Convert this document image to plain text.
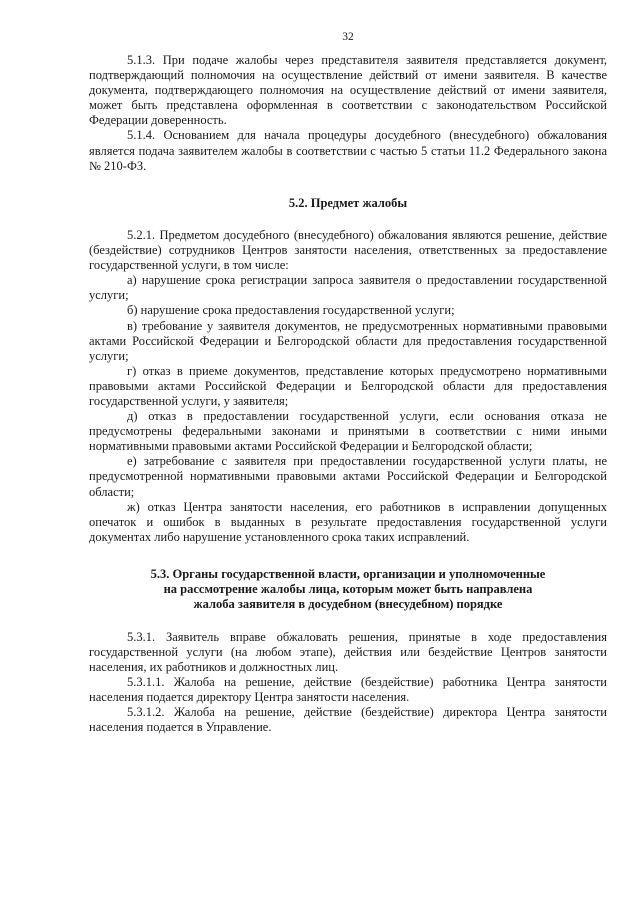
32

5.1.3. При подаче жалобы через представителя заявителя представляется документ, подтверждающий полномочия на осуществление действий от имени заявителя. В качестве документа, подтверждающего полномочия на осуществление действий от имени заявителя, может быть представлена оформленная в соответствии с законодательством Российской Федерации доверенность.

5.1.4. Основанием для начала процедуры досудебного (внесудебного) обжалования является подача заявителем жалобы в соответствии с частью 5 статьи 11.2 Федерального закона № 210-ФЗ.

5.2. Предмет жалобы

5.2.1. Предметом досудебного (внесудебного) обжалования являются решение, действие (бездействие) сотрудников Центров занятости населения, ответственных за предоставление государственной услуги, в том числе:

а) нарушение срока регистрации запроса заявителя о предоставлении государственной услуги;

б) нарушение срока предоставления государственной услуги;

в) требование у заявителя документов, не предусмотренных нормативными правовыми актами Российской Федерации и Белгородской области для предоставления государственной услуги;

г) отказ в приеме документов, представление которых предусмотрено нормативными правовыми актами Российской Федерации и Белгородской области для предоставления государственной услуги, у заявителя;

д) отказ в предоставлении государственной услуги, если основания отказа не предусмотрены федеральными законами и принятыми в соответствии с ними иными нормативными правовыми актами Российской Федерации и Белгородской области;

е) затребование с заявителя при предоставлении государственной услуги платы, не предусмотренной нормативными правовыми актами Российской Федерации и Белгородской области;

ж) отказ Центра занятости населения, его работников в исправлении допущенных опечаток и ошибок в выданных в результате предоставления государственной услуги документах либо нарушение установленного срока таких исправлений.

5.3. Органы государственной власти, организации и уполномоченные
на рассмотрение жалобы лица, которым может быть направлена
жалоба заявителя в досудебном (внесудебном) порядке

5.3.1. Заявитель вправе обжаловать решения, принятые в ходе предоставления государственной услуги (на любом этапе), действия или бездействие Центров занятости населения, их работников и должностных лиц.

5.3.1.1. Жалоба на решение, действие (бездействие) работника Центра занятости населения подается директору Центра занятости населения.

5.3.1.2. Жалоба на решение, действие (бездействие) директора Центра занятости населения подается в Управление.
